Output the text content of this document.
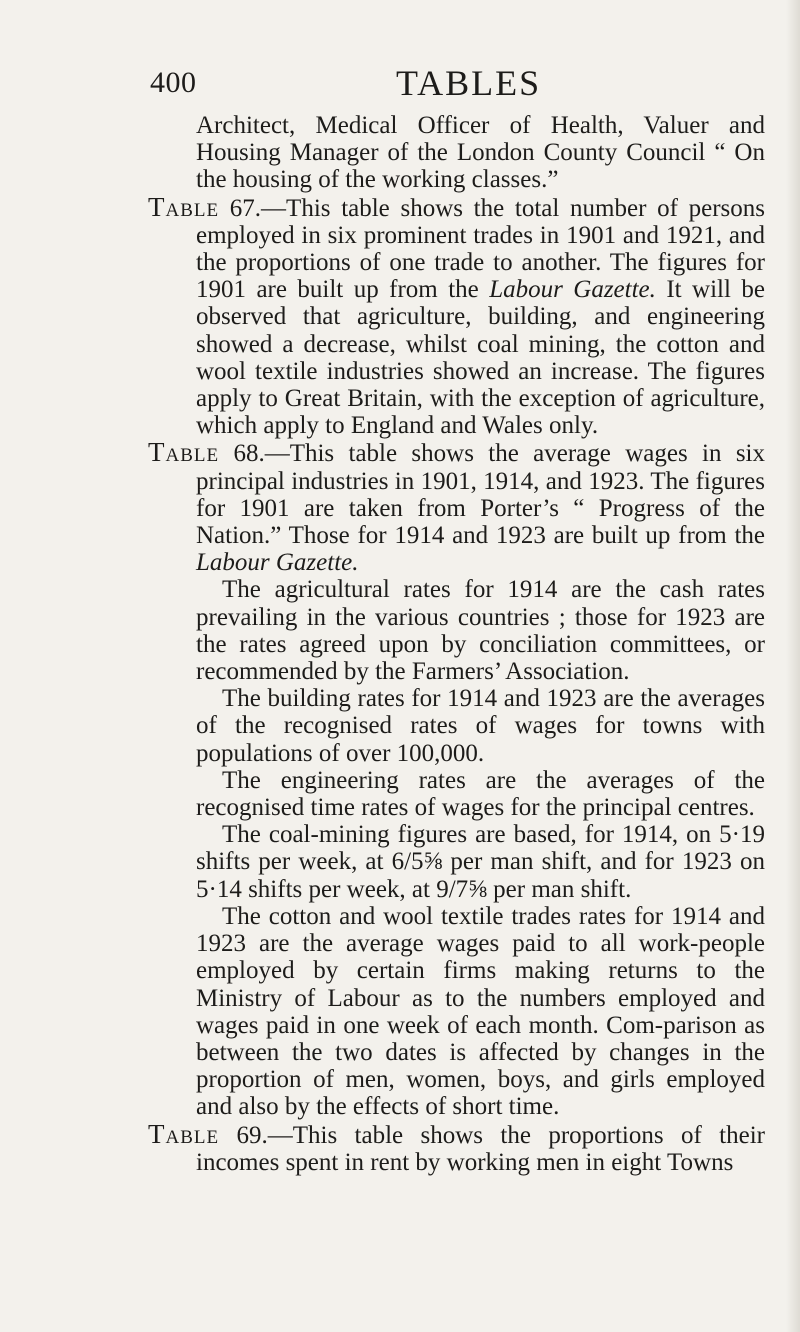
400	TABLES

Architect, Medical Officer of Health, Valuer and Housing Manager of the London County Council “ On the housing of the working classes.”

Table 67.—This table shows the total number of persons employed in six prominent trades in 1901 and 1921, and the proportions of one trade to another. The figures for 1901 are built up from the Labour Gazette. It will be observed that agriculture, building, and engineering showed a decrease, whilst coal mining, the cotton and wool textile industries showed an increase. The figures apply to Great Britain, with the exception of agriculture, which apply to England and Wales only.

Table 68.—This table shows the average wages in six principal industries in 1901, 1914, and 1923. The figures for 1901 are taken from Porter’s “ Progress of the Nation.” Those for 1914 and 1923 are built up from the Labour Gazette.

The agricultural rates for 1914 are the cash rates prevailing in the various countries ; those for 1923 are the rates agreed upon by conciliation committees, or recommended by the Farmers’ Association.

The building rates for 1914 and 1923 are the averages of the recognised rates of wages for towns with populations of over 100,000.

The engineering rates are the averages of the recognised time rates of wages for the principal centres.

The coal-mining figures are based, for 1914, on 5·19 shifts per week, at 6/5⅝ per man shift, and for 1923 on 5·14 shifts per week, at 9/7⅝ per man shift.

The cotton and wool textile trades rates for 1914 and 1923 are the average wages paid to all work-people employed by certain firms making returns to the Ministry of Labour as to the numbers employed and wages paid in one week of each month. Com-parison as between the two dates is affected by changes in the proportion of men, women, boys, and girls employed and also by the effects of short time.

Table 69.—This table shows the proportions of their incomes spent in rent by working men in eight Towns
